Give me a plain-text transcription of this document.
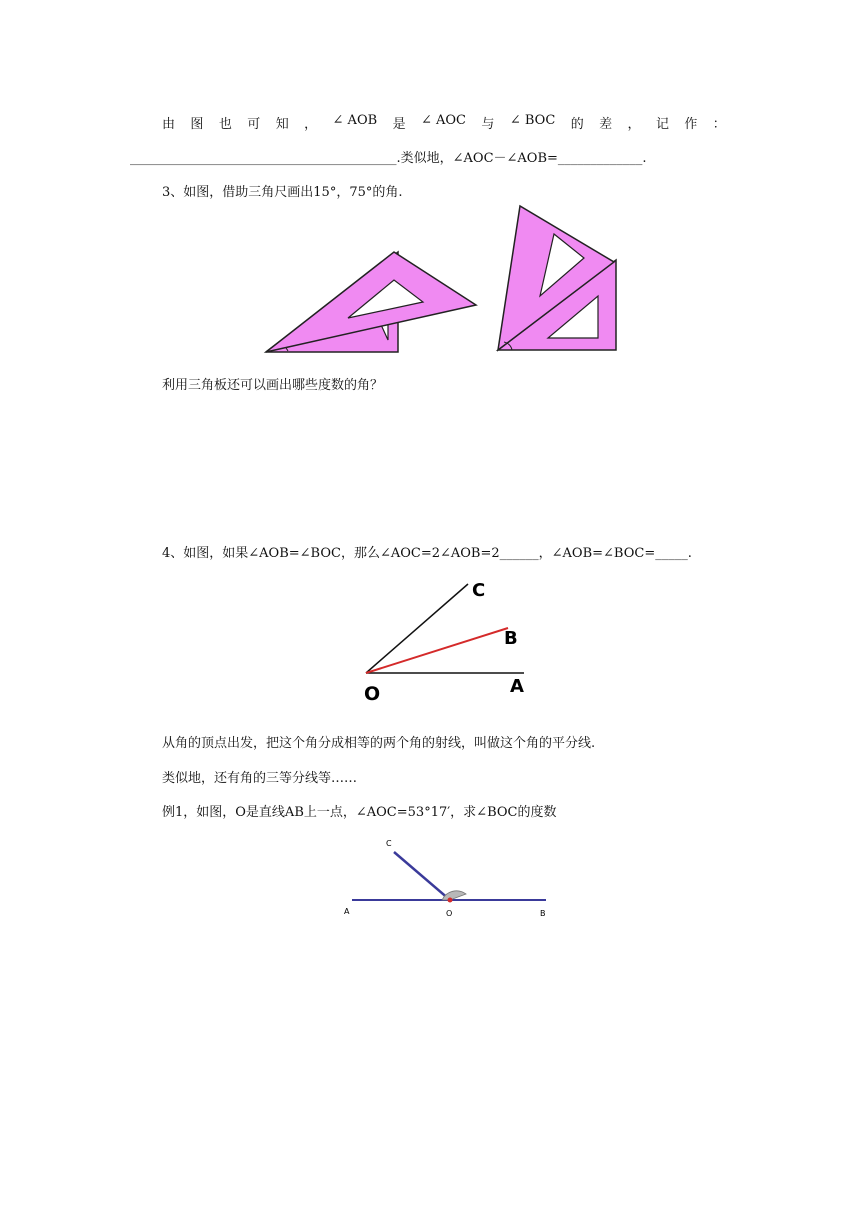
由 图 也 可 知 ， ∠ AOB 是 ∠ AOC 与 ∠ BOC 的 差 ， 记 作 ：
_________________________________________.类似地，∠AOC－∠AOB=_____________.
3、如图，借助三角尺画出15°，75°的角.
利用三角板还可以画出哪些度数的角？
4、如图，如果∠AOB=∠BOC，那么∠AOC=2∠AOB=2______，∠AOB=∠BOC=_____.
C
B
A
O
从角的顶点出发，把这个角分成相等的两个角的射线，叫做这个角的平分线.
类似地，还有角的三等分线等……
例1，如图，O是直线AB上一点，∠AOC=53°17′，求∠BOC的度数
C
A	O	B
